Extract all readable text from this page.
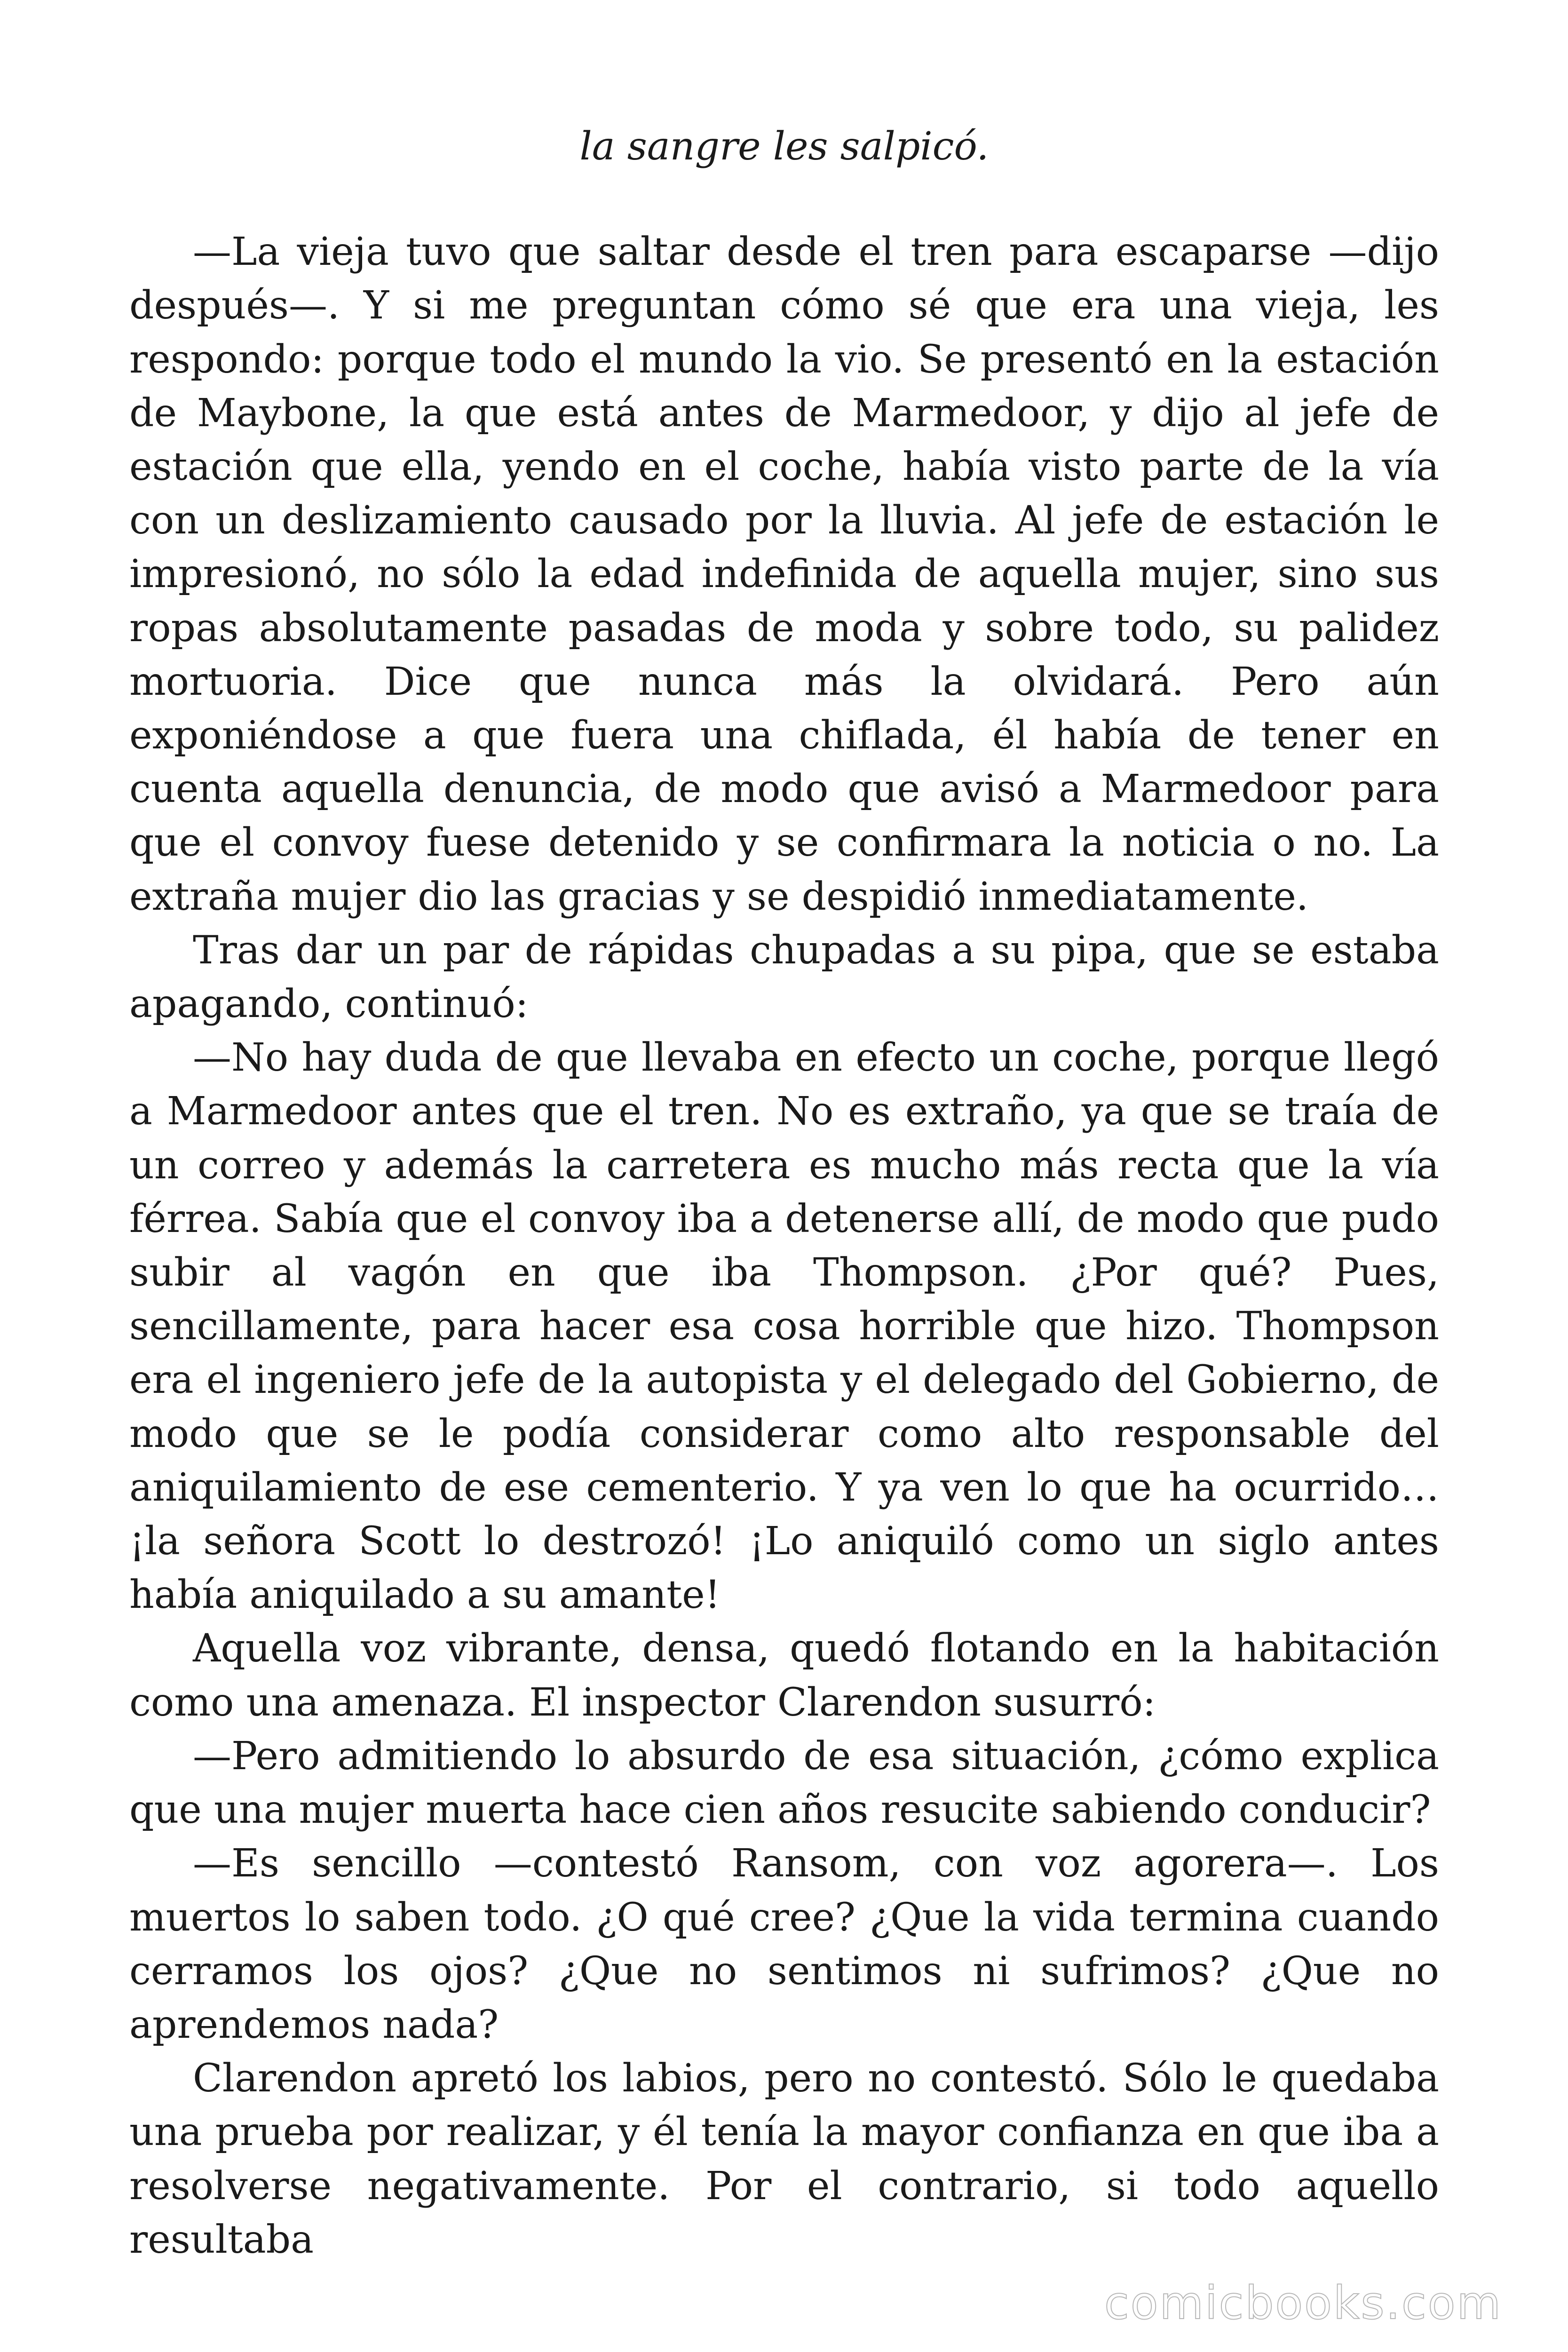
la sangre les salpicó.

—La vieja tuvo que saltar desde el tren para escaparse —dijo después—. Y si me preguntan cómo sé que era una vieja, les respondo: porque todo el mundo la vio. Se presentó en la estación de Maybone, la que está antes de Marmedoor, y dijo al jefe de estación que ella, yendo en el coche, había visto parte de la vía con un deslizamiento causado por la lluvia. Al jefe de estación le impresionó, no sólo la edad indefinida de aquella mujer, sino sus ropas absolutamente pasadas de moda y sobre todo, su palidez mortuoria. Dice que nunca más la olvidará. Pero aún exponiéndose a que fuera una chiflada, él había de tener en cuenta aquella denuncia, de modo que avisó a Marmedoor para que el convoy fuese detenido y se confirmara la noticia o no. La extraña mujer dio las gracias y se despidió inmediatamente.

Tras dar un par de rápidas chupadas a su pipa, que se estaba apagando, continuó:

—No hay duda de que llevaba en efecto un coche, porque llegó a Marmedoor antes que el tren. No es extraño, ya que se traía de un correo y además la carretera es mucho más recta que la vía férrea. Sabía que el convoy iba a detenerse allí, de modo que pudo subir al vagón en que iba Thompson. ¿Por qué? Pues, sencillamente, para hacer esa cosa horrible que hizo. Thompson era el ingeniero jefe de la autopista y el delegado del Gobierno, de modo que se le podía considerar como alto responsable del aniquilamiento de ese cementerio. Y ya ven lo que ha ocurrido… ¡la señora Scott lo destrozó! ¡Lo aniquiló como un siglo antes había aniquilado a su amante!

Aquella voz vibrante, densa, quedó flotando en la habitación como una amenaza. El inspector Clarendon susurró:

—Pero admitiendo lo absurdo de esa situación, ¿cómo explica que una mujer muerta hace cien años resucite sabiendo conducir?

—Es sencillo —contestó Ransom, con voz agorera—. Los muertos lo saben todo. ¿O qué cree? ¿Que la vida termina cuando cerramos los ojos? ¿Que no sentimos ni sufrimos? ¿Que no aprendemos nada?

Clarendon apretó los labios, pero no contestó. Sólo le quedaba una prueba por realizar, y él tenía la mayor confianza en que iba a resolverse negativamente. Por el contrario, si todo aquello resultaba

comicbooks.com
